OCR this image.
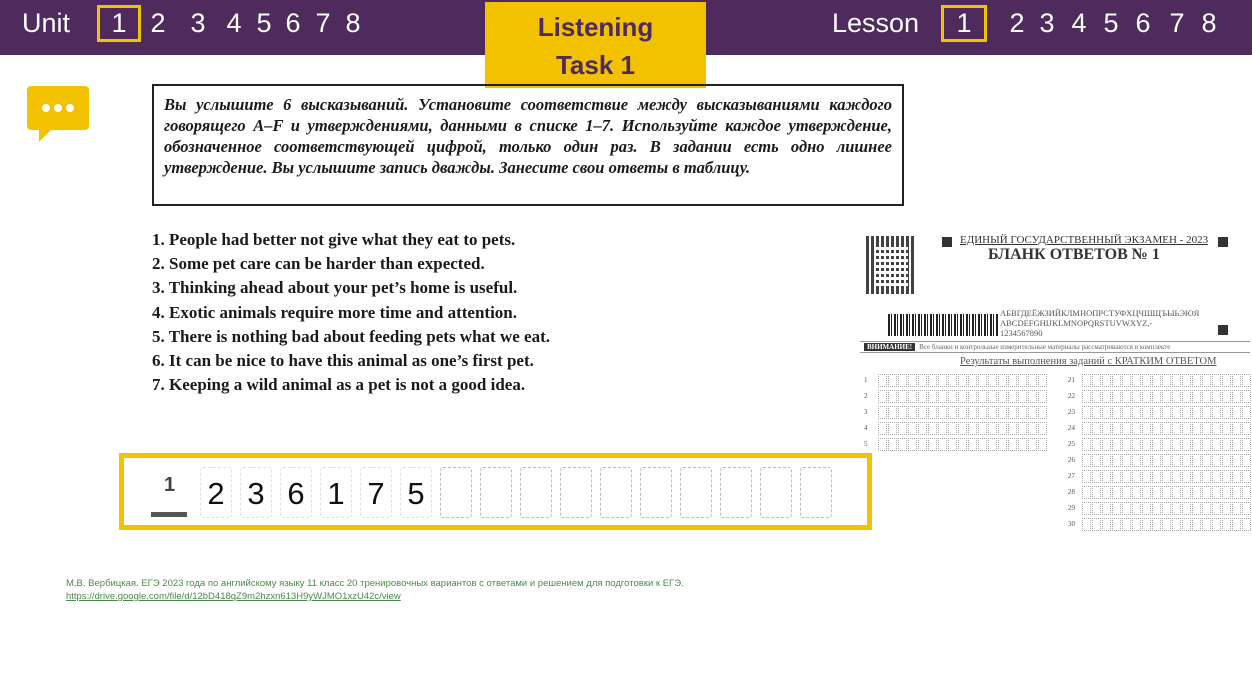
Unit	1 2 3 4 5 6 7 8	Lesson	1	2 3 4 5 6 7 8
Listening
Task 1
Вы услышите 6 высказываний. Установите соответствие между высказываниями каждого говорящего A–F и утверждениями, данными в списке 1–7. Используйте каждое утверждение, обозначенное соответствующей цифрой, только один раз. В задании есть одно лишнее утверждение. Вы услышите запись дважды. Занесите свои ответы в таблицу.
1. People had better not give what they eat to pets.
2. Some pet care can be harder than expected.
3. Thinking ahead about your pet’s home is useful.
4. Exotic animals require more time and attention.
5. There is nothing bad about feeding pets what we eat.
6. It can be nice to have this animal as one’s first pet.
7. Keeping a wild animal as a pet is not a good idea.
ЕДИНЫЙ ГОСУДАРСТВЕННЫЙ ЭКЗАМЕН - 2023
БЛАНК ОТВЕТОВ № 1
АБВГДЕЁЖЗИЙКЛМНОПРСТУФХЦЧШЩЪЫЬЭЮЯ
ABCDEFGHIJKLMNOPQRSTUVWXYZ,-
1234567890
ВНИМАНИЕ! Все бланки и контрольные измерительные материалы рассматриваются в комплекте
Результаты выполнения заданий с КРАТКИМ ОТВЕТОМ
1
2
3
4
5
21
22
23
24
25
26
27
28
29
30
1 2 3 6 1 7 5
М.В. Вербицкая. ЕГЭ 2023 года по английскому языку 11 класс 20 тренировочных вариантов с ответами и решением для подготовки к ЕГЭ. https://drive.google.com/file/d/12bD418qZ9m2hzxn613H9yWJMO1xzU42c/view
